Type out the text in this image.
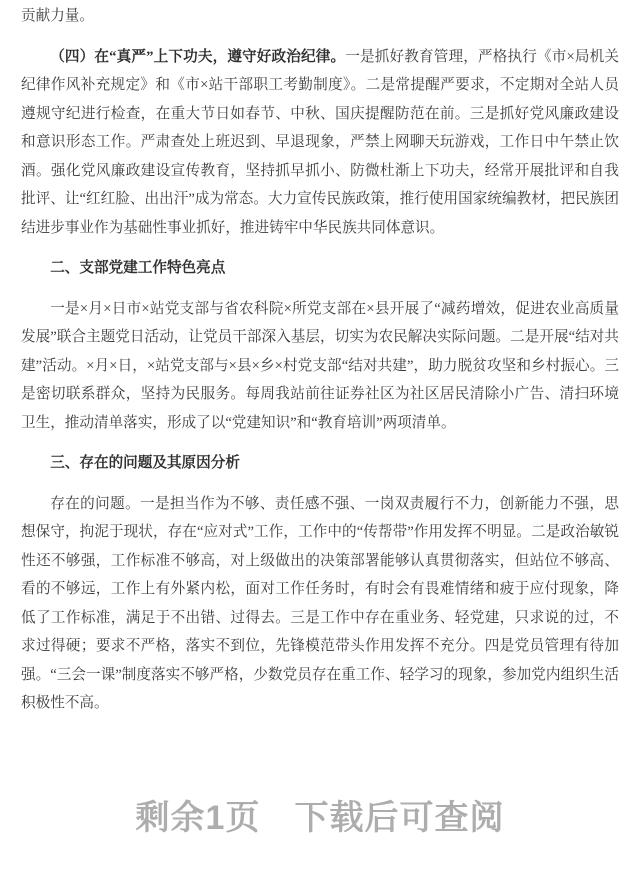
贡献力量。

（四）在“真严”上下功夫，遵守好政治纪律。一是抓好教育管理，严格执行《市×局机关纪律作风补充规定》和《市×站干部职工考勤制度》。二是常提醒严要求，不定期对全站人员遵规守纪进行检查，在重大节日如春节、中秋、国庆提醒防范在前。三是抓好党风廉政建设和意识形态工作。严肃查处上班迟到、早退现象，严禁上网聊天玩游戏，工作日中午禁止饮酒。强化党风廉政建设宣传教育，坚持抓早抓小、防微杜渐上下功夫，经常开展批评和自我批评、让“红红脸、出出汗”成为常态。大力宣传民族政策，推行使用国家统编教材，把民族团结进步事业作为基础性事业抓好，推进铸牢中华民族共同体意识。

二、支部党建工作特色亮点

一是×月×日市×站党支部与省农科院×所党支部在×县开展了“减药增效，促进农业高质量发展”联合主题党日活动，让党员干部深入基层，切实为农民解决实际问题。二是开展“结对共建”活动。×月×日，×站党支部与×县×乡×村党支部“结对共建”，助力脱贫攻坚和乡村振心。三是密切联系群众，坚持为民服务。每周我站前往证券社区为社区居民清除小广告、清扫环境卫生，推动清单落实，形成了以“党建知识”和“教育培训”两项清单。

三、存在的问题及其原因分析

存在的问题。一是担当作为不够、责任感不强、一岗双责履行不力，创新能力不强，思想保守，拘泥于现状，存在“应对式”工作，工作中的“传帮带”作用发挥不明显。二是政治敏锐性还不够强，工作标准不够高，对上级做出的决策部署能够认真贯彻落实，但站位不够高、看的不够远，工作上有外紧内松，面对工作任务时，有时会有畏难情绪和疲于应付现象，降低了工作标准，满足于不出错、过得去。三是工作中存在重业务、轻党建，只求说的过，不求过得硬；要求不严格，落实不到位，先锋模范带头作用发挥不充分。四是党员管理有待加强。“三会一课”制度落实不够严格，少数党员存在重工作、轻学习的现象，参加党内组织生活积极性不高。

剩余1页 下载后可查阅
